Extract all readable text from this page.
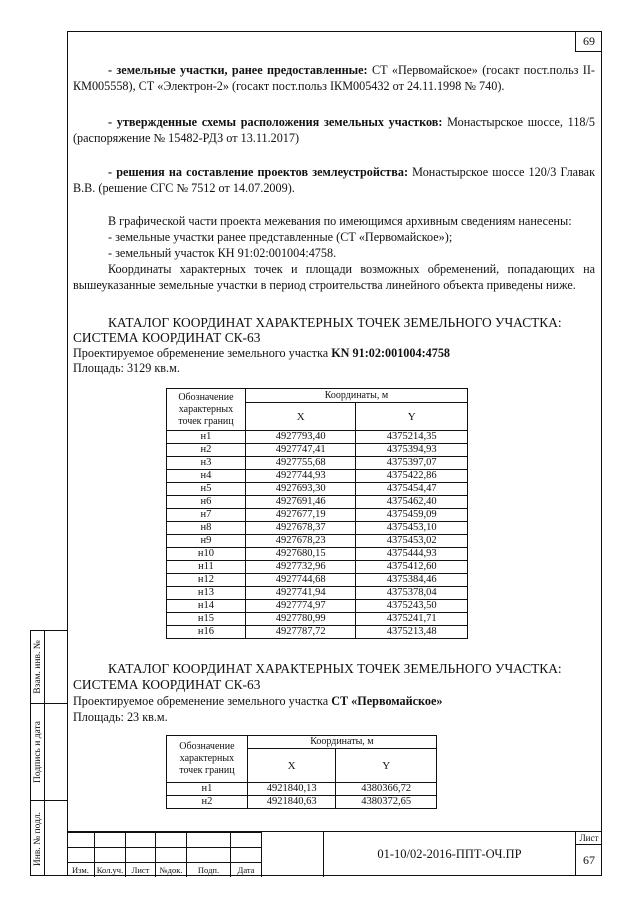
69
- земельные участки, ранее предоставленные: СТ «Первомайское» (госакт пост.польз II-КМ005558), СТ «Электрон-2» (госакт пост.польз IКМ005432 от 24.11.1998 № 740).
- утвержденные схемы расположения земельных участков: Монастырское шоссе, 118/5 (распоряжение № 15482-РДЗ от 13.11.2017)
- решения на составление проектов землеустройства: Монастырское шоссе 120/3 Главак В.В. (решение СГС № 7512 от 14.07.2009).
В графической части проекта межевания по имеющимся архивным сведениям нанесены:
- земельные участки ранее представленные (СТ «Первомайское»);
- земельный участок КН 91:02:001004:4758.
Координаты характерных точек и площади возможных обременений, попадающих на вышеуказанные земельные участки в период строительства линейного объекта приведены ниже.
КАТАЛОГ КООРДИНАТ ХАРАКТЕРНЫХ ТОЧЕК ЗЕМЕЛЬНОГО УЧАСТКА:
СИСТЕМА КООРДИНАТ СК-63
Проектируемое обременение земельного участка KN 91:02:001004:4758
Площадь: 3129 кв.м.
Обозначение характерных точек границ	Координаты, м	
	X	Y
н1	4927793,40	4375214,35
н2	4927747,41	4375394,93
н3	4927755,68	4375397,07
н4	4927744,93	4375422,86
н5	4927693,30	4375454,47
н6	4927691,46	4375462,40
н7	4927677,19	4375459,09
н8	4927678,37	4375453,10
н9	4927678,23	4375453,02
н10	4927680,15	4375444,93
н11	4927732,96	4375412,60
н12	4927744,68	4375384,46
н13	4927741,94	4375378,04
н14	4927774,97	4375243,50
н15	4927780,99	4375241,71
н16	4927787,72	4375213,48
КАТАЛОГ КООРДИНАТ ХАРАКТЕРНЫХ ТОЧЕК ЗЕМЕЛЬНОГО УЧАСТКА:
СИСТЕМА КООРДИНАТ СК-63
Проектируемое обременение земельного участка СТ «Первомайское»
Площадь: 23 кв.м.
Обозначение характерных точек границ	Координаты, м	
	X	Y
н1	4921840,13	4380366,72
н2	4921840,63	4380372,65
Взам. инв. №
Подпись и дата
Инв. № подл.

Изм.	Кол.уч.	Лист	№док.	Подп.	Дата
01-10/02-2016-ППТ-ОЧ.ПР
Лист
67
